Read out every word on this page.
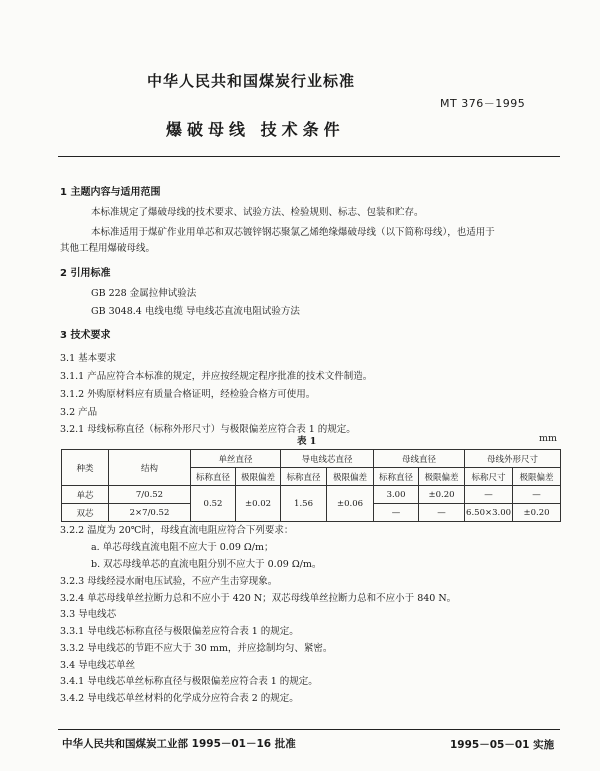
中华人民共和国煤炭行业标准
MT 376－1995
爆破母线 技术条件
1 主题内容与适用范围
本标准规定了爆破母线的技术要求、试验方法、检验规则、标志、包装和贮存。
本标准适用于煤矿作业用单芯和双芯镀锌钢芯聚氯乙烯绝缘爆破母线（以下简称母线），也适用于
其他工程用爆破母线。
2 引用标准
GB 228 金属拉伸试验法
GB 3048.4 电线电缆 导电线芯直流电阻试验方法
3 技术要求
3.1 基本要求
3.1.1 产品应符合本标准的规定，并应按经规定程序批准的技术文件制造。
3.1.2 外购原材料应有质量合格证明，经检验合格方可使用。
3.2 产品
3.2.1 母线标称直径（标称外形尺寸）与极限偏差应符合表 1 的规定。
表 1	mm
种类	结构	单丝直径		导电线芯直径		母线直径		母线外形尺寸	
		标称直径	极限偏差	标称直径	极限偏差	标称直径	极限偏差	标称尺寸	极限偏差
单芯	7/0.52	0.52	±0.02	1.56	±0.06	3.00	±0.20	—	—
双芯	2×7/0.52					—	—	6.50×3.00	±0.20
3.2.2 温度为 20℃时，母线直流电阻应符合下列要求：
a. 单芯母线直流电阻不应大于 0.09 Ω/m；
b. 双芯母线单芯的直流电阻分别不应大于 0.09 Ω/m。
3.2.3 母线经浸水耐电压试验，不应产生击穿现象。
3.2.4 单芯母线单丝拉断力总和不应小于 420 N；双芯母线单丝拉断力总和不应小于 840 N。
3.3 导电线芯
3.3.1 导电线芯标称直径与极限偏差应符合表 1 的规定。
3.3.2 导电线芯的节距不应大于 30 mm，并应捻制均匀、紧密。
3.4 导电线芯单丝
3.4.1 导电线芯单丝标称直径与极限偏差应符合表 1 的规定。
3.4.2 导电线芯单丝材料的化学成分应符合表 2 的规定。
中华人民共和国煤炭工业部 1995－01－16 批准	1995－05－01 实施
